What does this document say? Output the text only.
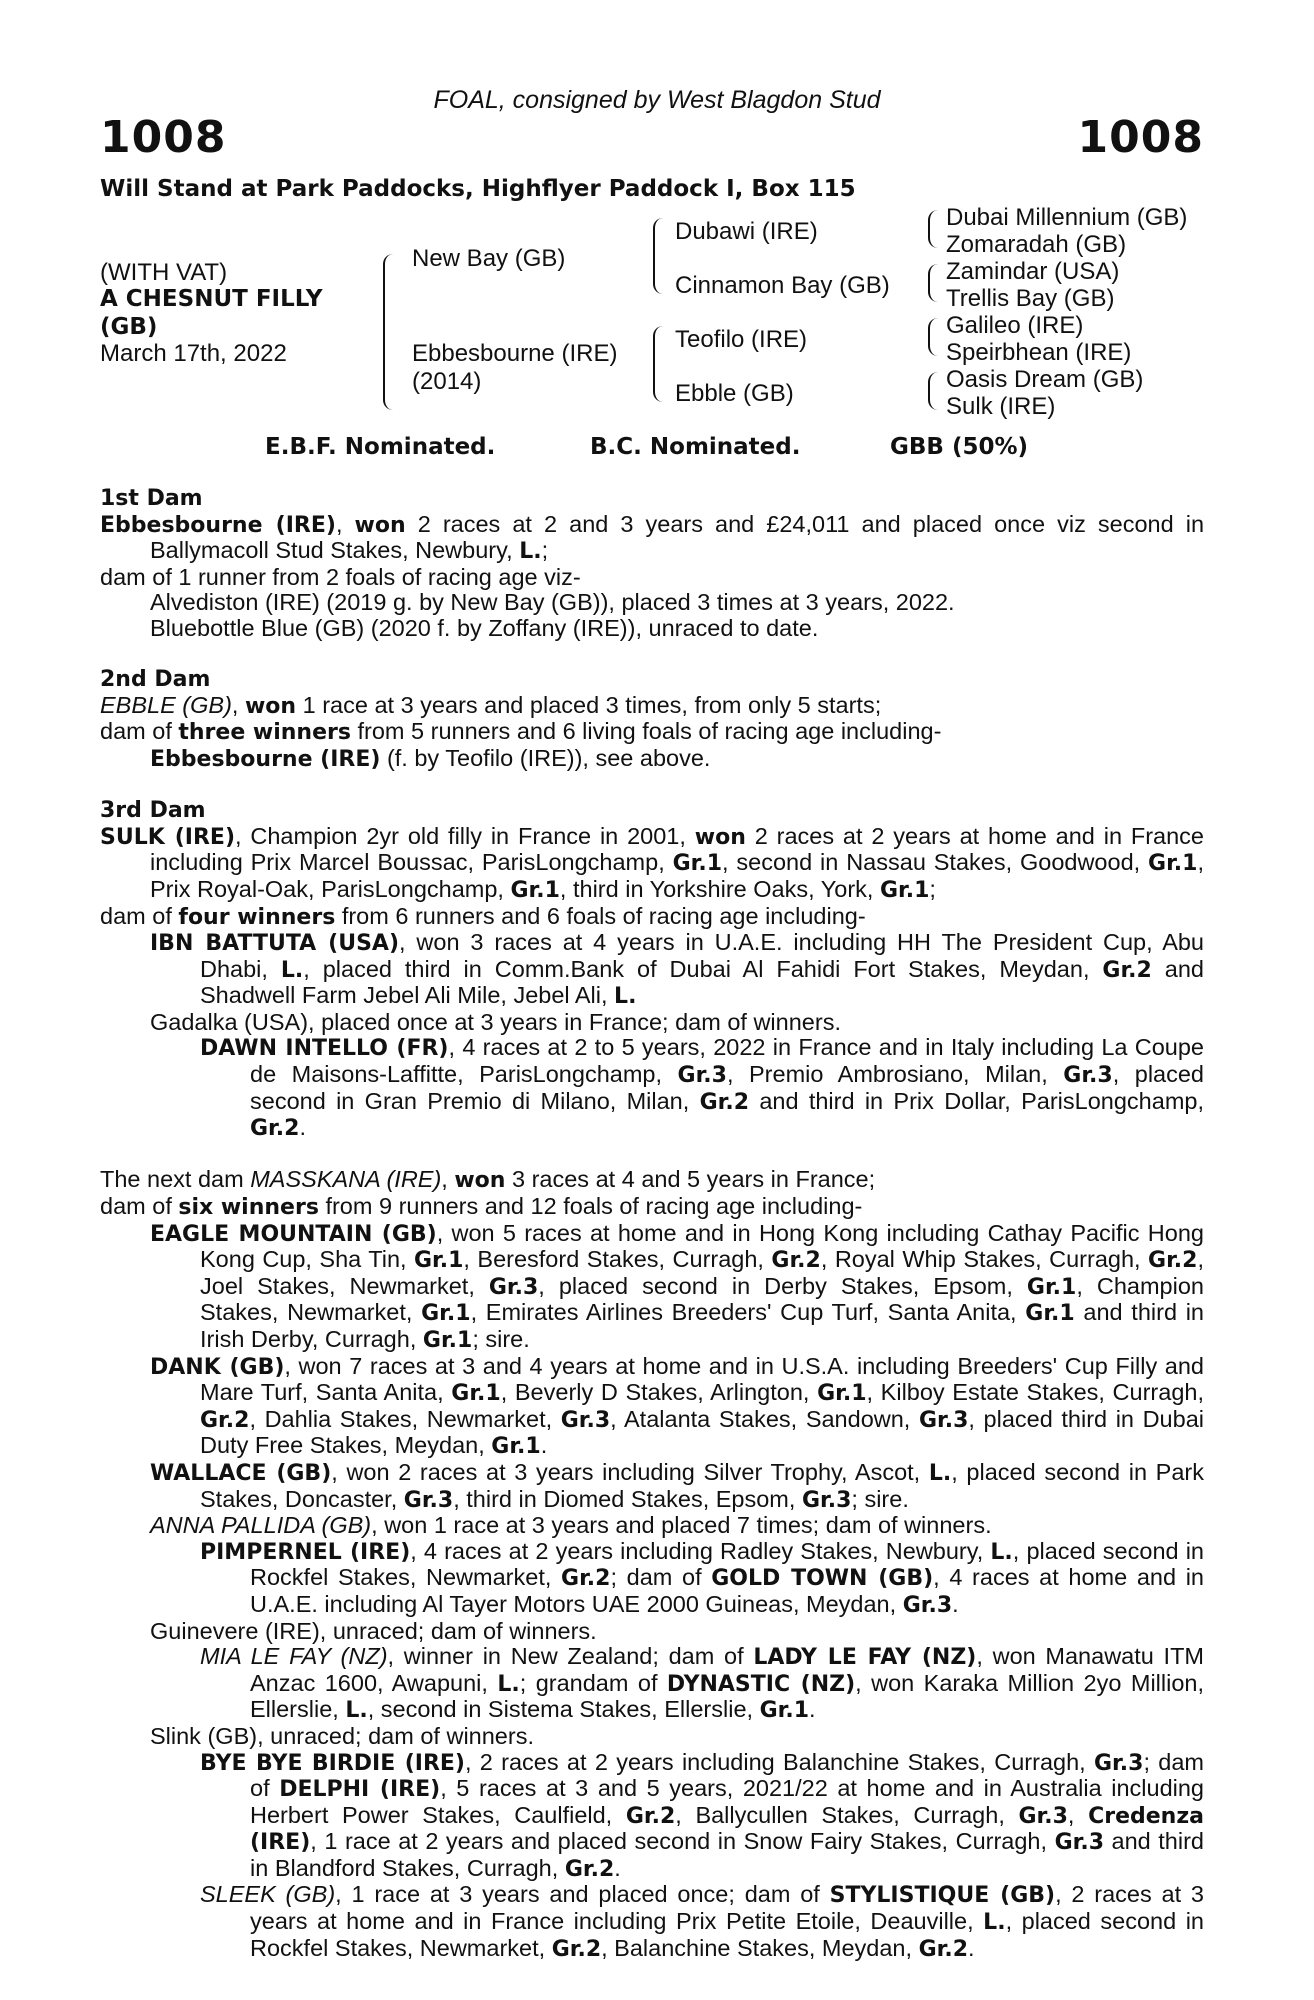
FOAL, consigned by West Blagdon Stud
1008	1008
Will Stand at Park Paddocks, Highflyer Paddock I, Box 115
(WITH VAT)
A CHESNUT FILLY
(GB)
March 17th, 2022
New Bay (GB)
Ebbesbourne (IRE)
(2014)
Dubawi (IRE)
Cinnamon Bay (GB)
Teofilo (IRE)
Ebble (GB)
Dubai Millennium (GB)
Zomaradah (GB)
Zamindar (USA)
Trellis Bay (GB)
Galileo (IRE)
Speirbhean (IRE)
Oasis Dream (GB)
Sulk (IRE)
E.B.F. Nominated.	B.C. Nominated.	GBB (50%)

1st Dam

Ebbesbourne (IRE), won 2 races at 2 and 3 years and £24,011 and placed once viz second in Ballymacoll Stud Stakes, Newbury, L.;

dam of 1 runner from 2 foals of racing age viz-

Alvediston (IRE) (2019 g. by New Bay (GB)), placed 3 times at 3 years, 2022.

Bluebottle Blue (GB) (2020 f. by Zoffany (IRE)), unraced to date.

2nd Dam

EBBLE (GB), won 1 race at 3 years and placed 3 times, from only 5 starts;

dam of three winners from 5 runners and 6 living foals of racing age including-

Ebbesbourne (IRE) (f. by Teofilo (IRE)), see above.

3rd Dam

SULK (IRE), Champion 2yr old filly in France in 2001, won 2 races at 2 years at home and in France including Prix Marcel Boussac, ParisLongchamp, Gr.1, second in Nassau Stakes, Goodwood, Gr.1, Prix Royal-Oak, ParisLongchamp, Gr.1, third in Yorkshire Oaks, York, Gr.1;

dam of four winners from 6 runners and 6 foals of racing age including-

IBN BATTUTA (USA), won 3 races at 4 years in U.A.E. including HH The President Cup, Abu Dhabi, L., placed third in Comm.Bank of Dubai Al Fahidi Fort Stakes, Meydan, Gr.2 and Shadwell Farm Jebel Ali Mile, Jebel Ali, L.

Gadalka (USA), placed once at 3 years in France; dam of winners.

DAWN INTELLO (FR), 4 races at 2 to 5 years, 2022 in France and in Italy including La Coupe de Maisons-Laffitte, ParisLongchamp, Gr.3, Premio Ambrosiano, Milan, Gr.3, placed second in Gran Premio di Milano, Milan, Gr.2 and third in Prix Dollar, ParisLongchamp, Gr.2.

The next dam MASSKANA (IRE), won 3 races at 4 and 5 years in France;

dam of six winners from 9 runners and 12 foals of racing age including-

EAGLE MOUNTAIN (GB), won 5 races at home and in Hong Kong including Cathay Pacific Hong Kong Cup, Sha Tin, Gr.1, Beresford Stakes, Curragh, Gr.2, Royal Whip Stakes, Curragh, Gr.2, Joel Stakes, Newmarket, Gr.3, placed second in Derby Stakes, Epsom, Gr.1, Champion Stakes, Newmarket, Gr.1, Emirates Airlines Breeders' Cup Turf, Santa Anita, Gr.1 and third in Irish Derby, Curragh, Gr.1; sire.

DANK (GB), won 7 races at 3 and 4 years at home and in U.S.A. including Breeders' Cup Filly and Mare Turf, Santa Anita, Gr.1, Beverly D Stakes, Arlington, Gr.1, Kilboy Estate Stakes, Curragh, Gr.2, Dahlia Stakes, Newmarket, Gr.3, Atalanta Stakes, Sandown, Gr.3, placed third in Dubai Duty Free Stakes, Meydan, Gr.1.

WALLACE (GB), won 2 races at 3 years including Silver Trophy, Ascot, L., placed second in Park Stakes, Doncaster, Gr.3, third in Diomed Stakes, Epsom, Gr.3; sire.

ANNA PALLIDA (GB), won 1 race at 3 years and placed 7 times; dam of winners.

PIMPERNEL (IRE), 4 races at 2 years including Radley Stakes, Newbury, L., placed second in Rockfel Stakes, Newmarket, Gr.2; dam of GOLD TOWN (GB), 4 races at home and in U.A.E. including Al Tayer Motors UAE 2000 Guineas, Meydan, Gr.3.

Guinevere (IRE), unraced; dam of winners.

MIA LE FAY (NZ), winner in New Zealand; dam of LADY LE FAY (NZ), won Manawatu ITM Anzac 1600, Awapuni, L.; grandam of DYNASTIC (NZ), won Karaka Million 2yo Million, Ellerslie, L., second in Sistema Stakes, Ellerslie, Gr.1.

Slink (GB), unraced; dam of winners.

BYE BYE BIRDIE (IRE), 2 races at 2 years including Balanchine Stakes, Curragh, Gr.3; dam of DELPHI (IRE), 5 races at 3 and 5 years, 2021/22 at home and in Australia including Herbert Power Stakes, Caulfield, Gr.2, Ballycullen Stakes, Curragh, Gr.3, Credenza (IRE), 1 race at 2 years and placed second in Snow Fairy Stakes, Curragh, Gr.3 and third in Blandford Stakes, Curragh, Gr.2.

SLEEK (GB), 1 race at 3 years and placed once; dam of STYLISTIQUE (GB), 2 races at 3 years at home and in France including Prix Petite Etoile, Deauville, L., placed second in Rockfel Stakes, Newmarket, Gr.2, Balanchine Stakes, Meydan, Gr.2.
